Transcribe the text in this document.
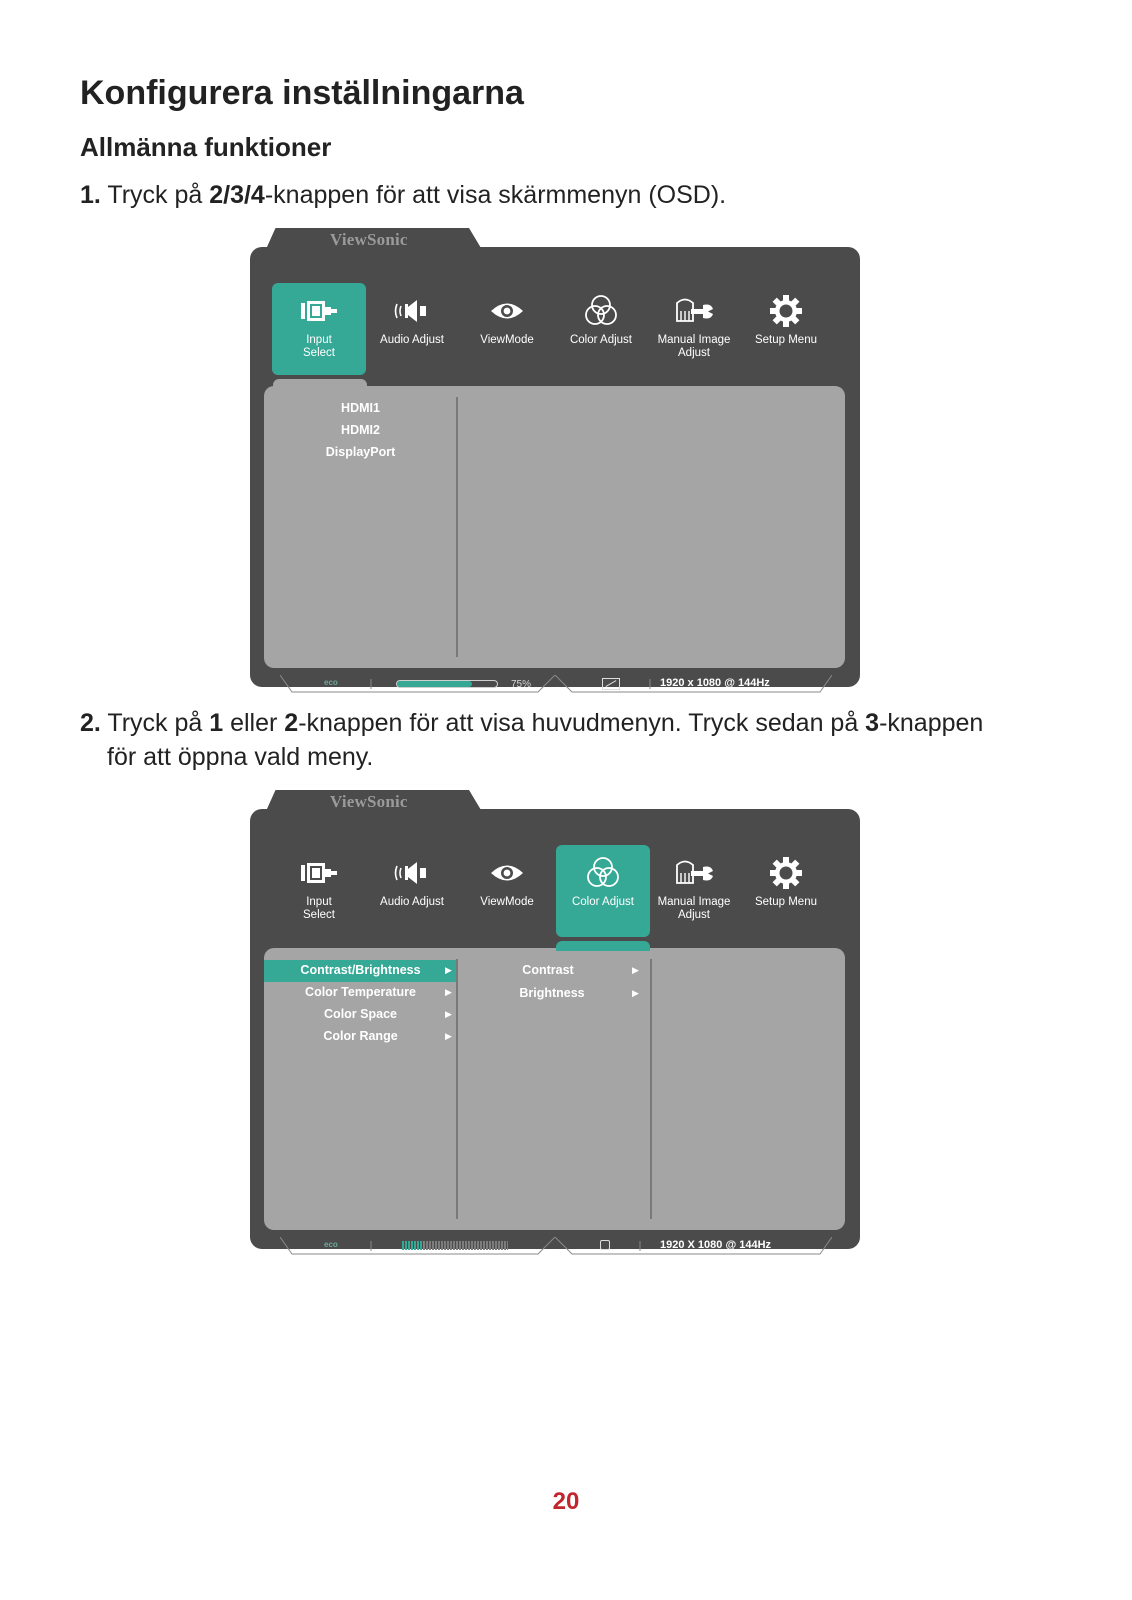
Konfigurera inställningarna
Allmänna funktioner
1. Tryck på 2/3/4-knappen för att visa skärmmenyn (OSD).
Input
Select
Audio Adjust	ViewMode	Color Adjust	Manual Image
Adjust
Setup Menu
HDMI1
HDMI2
DisplayPort
eco	75%	1920 x 1080 @ 144Hz
ViewSonic
2. Tryck på 1 eller 2-knappen för att visa huvudmenyn. Tryck sedan på 3-knappen
för att öppna vald meny.
Input
Select
Audio Adjust	ViewMode	Color Adjust	Manual Image
Adjust
Setup Menu
Contrast/Brightness	▶
Color Temperature	▶
Color Space	▶
Color Range	▶
Contrast	▶
Brightness	▶
eco	1920 X 1080 @ 144Hz
ViewSonic
20
